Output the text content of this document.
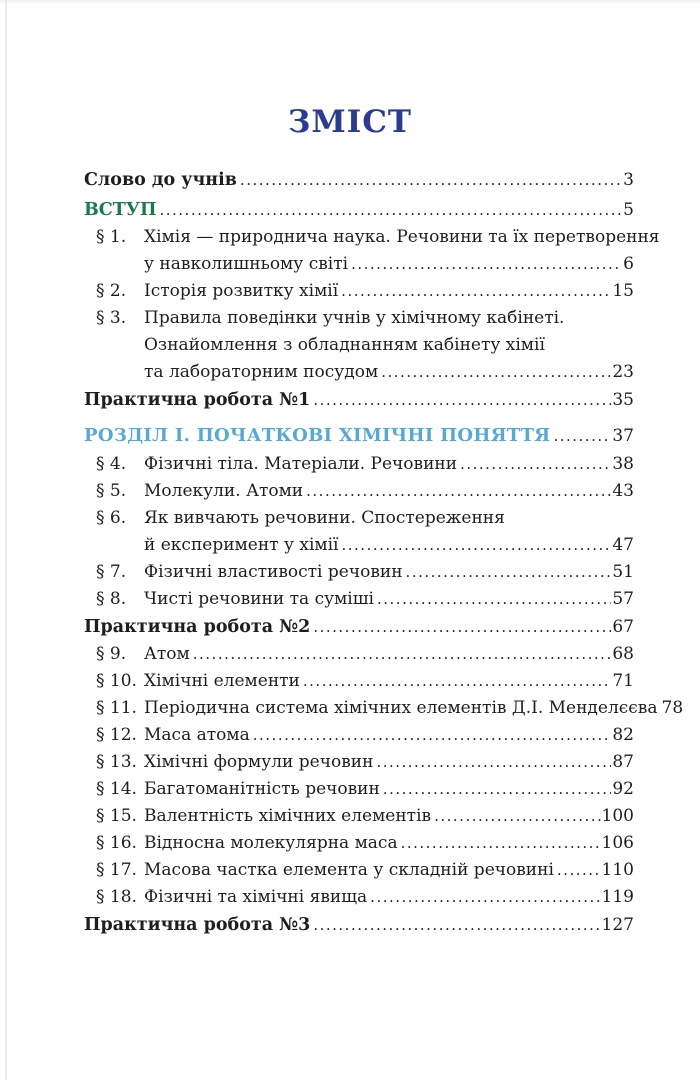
ЗМІСТ
Слово до учнів .....	3
ВСТУП .....	5
§ 1.	Хімія — природнича наука. Речовини та їх перетворення
у навколишньому світі .....	6
§ 2.	Історія розвитку хімії .....	15
§ 3.	Правила поведінки учнів у хімічному кабінеті.
Ознайомлення з обладнанням кабінету хімії
та лабораторним посудом .....	23
Практична робота №1 .....	35
РОЗДІЛ І. ПОЧАТКОВІ ХІМІЧНІ ПОНЯТТЯ .....	37
§ 4.	Фізичні тіла. Матеріали. Речовини .....	38
§ 5.	Молекули. Атоми .....	43
§ 6.	Як вивчають речовини. Спостереження
й експеримент у хімії .....	47
§ 7.	Фізичні властивості речовин .....	51
§ 8.	Чисті речовини та суміші .....	57
Практична робота №2 .....	67
§ 9.	Атом .....	68
§ 10. Хімічні елементи .....	71
§ 11. Періодична система хімічних елементів Д.І. Менделєєва 78
§ 12. Маса атома .....	82
§ 13. Хімічні формули речовин .....	87
§ 14. Багатоманітність речовин .....	92
§ 15. Валентність хімічних елементів .....	100
§ 16. Відносна молекулярна маса .....	106
§ 17. Масова частка елемента у складній речовині .....	110
§ 18. Фізичні та хімічні явища .....	119
Практична робота №3 .....	127
